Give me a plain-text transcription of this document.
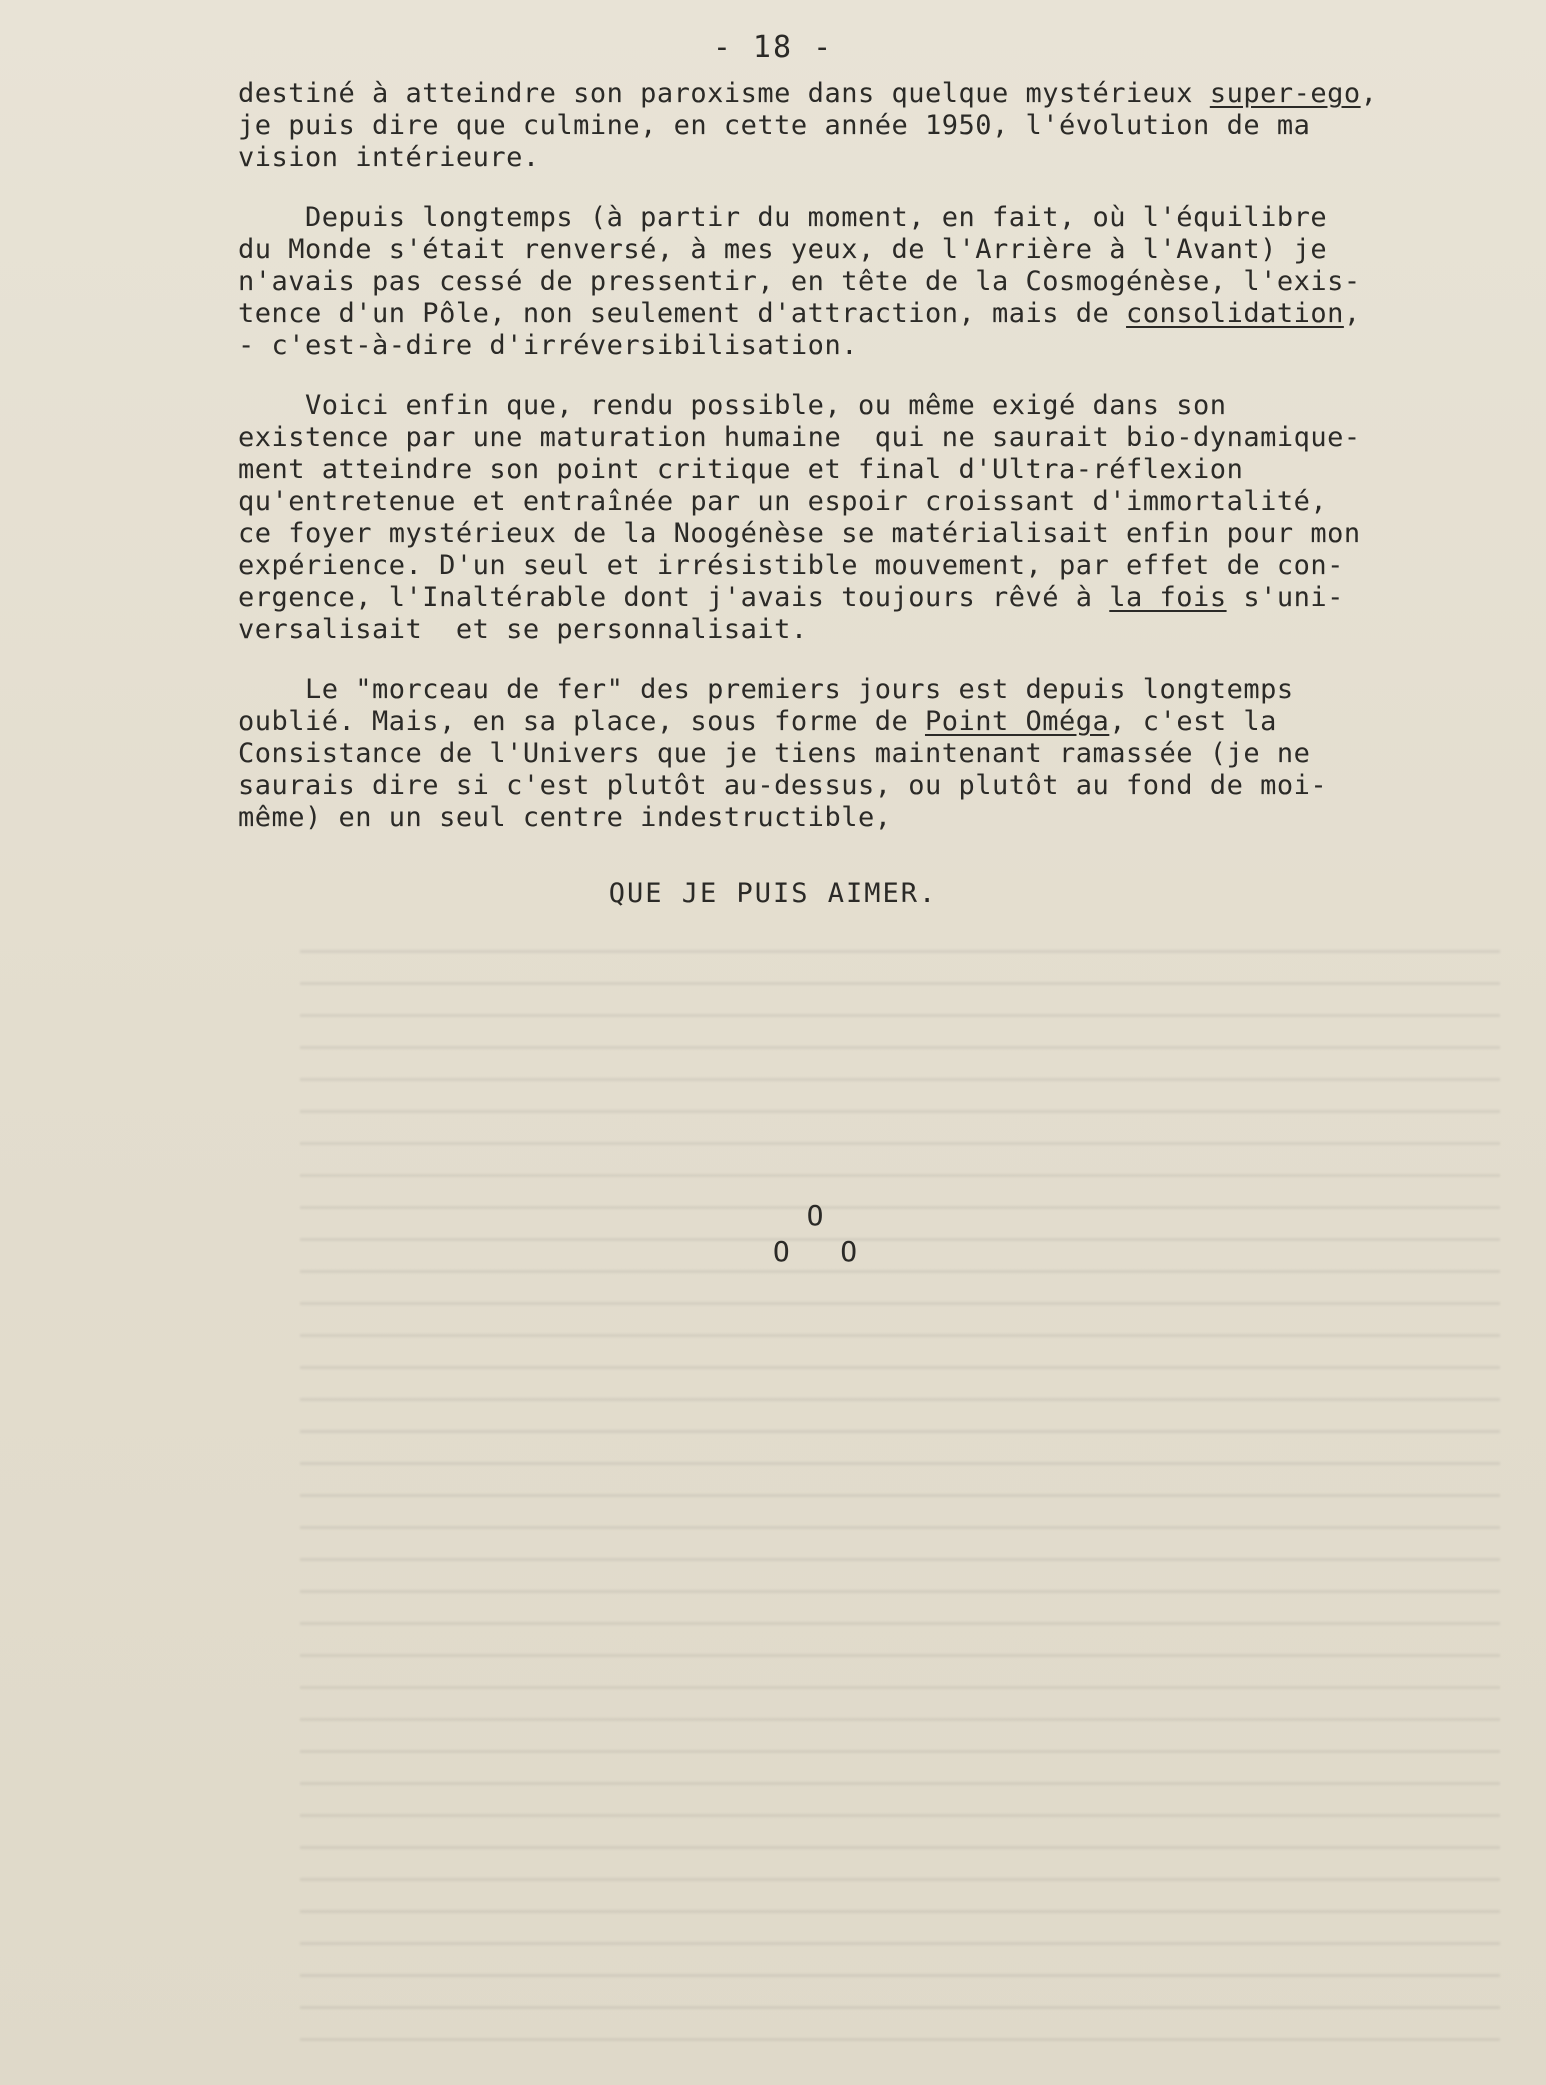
- 18 -
destiné à atteindre son paroxisme dans quelque mystérieux super-ego,
je puis dire que culmine, en cette année 1950, l'évolution de ma
vision intérieure.
Depuis longtemps (à partir du moment, en fait, où l'équilibre
du Monde s'était renversé, à mes yeux, de l'Arrière à l'Avant) je
n'avais pas cessé de pressentir, en tête de la Cosmogénèse, l'exis-
tence d'un Pôle, non seulement d'attraction, mais de consolidation,
- c'est-à-dire d'irréversibilisation.
Voici enfin que, rendu possible, ou même exigé dans son
existence par une maturation humaine  qui ne saurait bio-dynamique-
ment atteindre son point critique et final d'Ultra-réflexion
qu'entretenue et entraînée par un espoir croissant d'immortalité,
ce foyer mystérieux de la Noogénèse se matérialisait enfin pour mon
expérience. D'un seul et irrésistible mouvement, par effet de con-
ergence, l'Inaltérable dont j'avais toujours rêvé à la fois s'uni-
versalisait  et se personnalisait.
Le "morceau de fer" des premiers jours est depuis longtemps
oublié. Mais, en sa place, sous forme de Point Oméga, c'est la
Consistance de l'Univers que je tiens maintenant ramassée (je ne
saurais dire si c'est plutôt au-dessus, ou plutôt au fond de moi-
même) en un seul centre indestructible,
QUE JE PUIS AIMER.
O
O   O
